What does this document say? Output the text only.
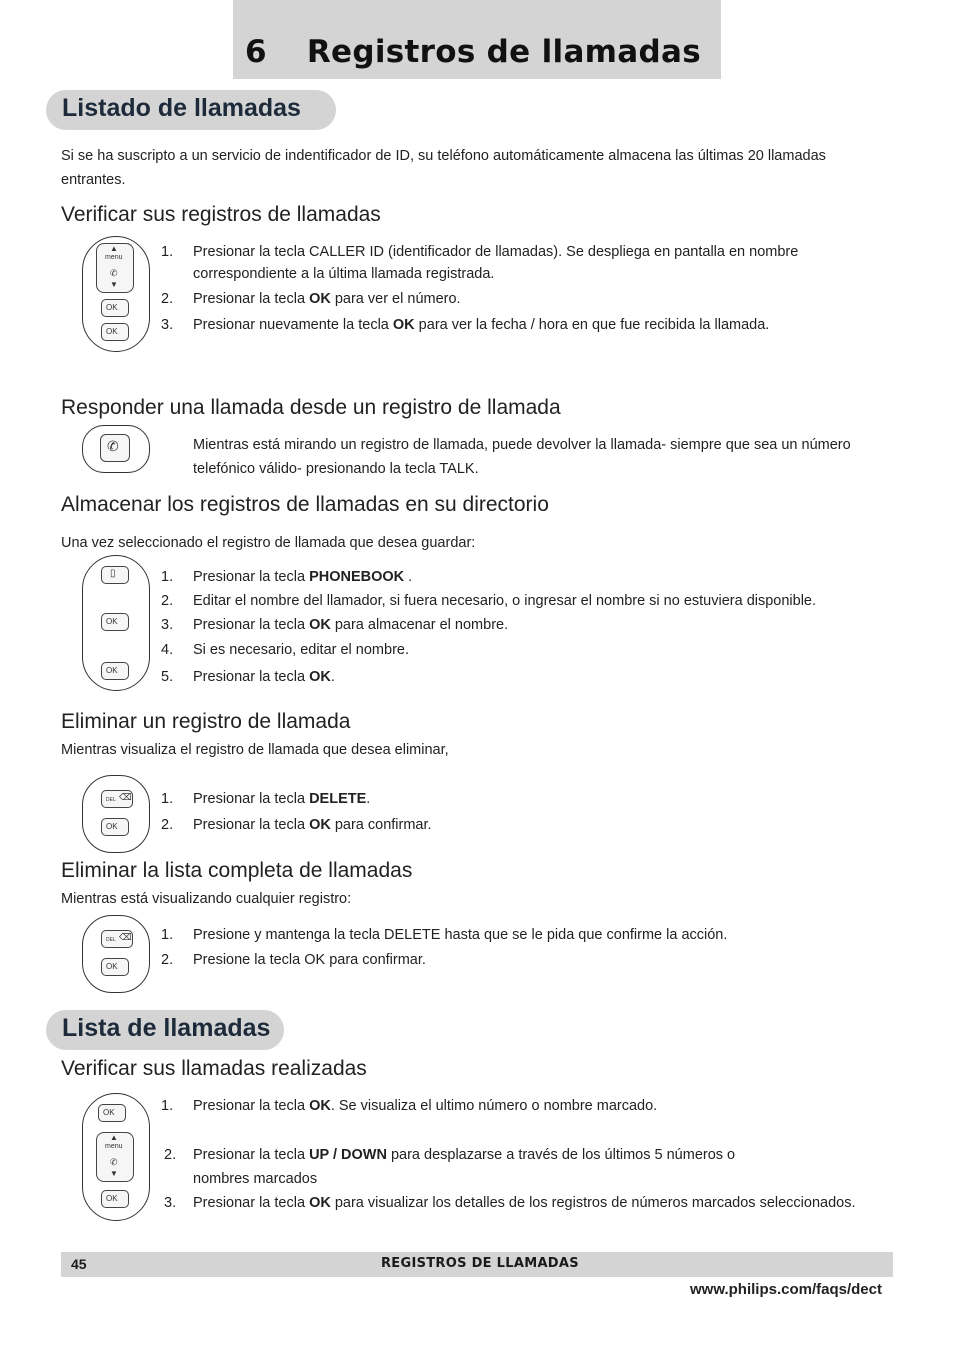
6 Registros de llamadas
Listado de llamadas
Si se ha suscripto a un servicio de indentificador de ID, su teléfono automáticamente almacena las últimas 20 llamadas entrantes.
Verificar sus registros de llamadas
▲
menu
✆
▼
OK
OK
1.	Presionar la tecla CALLER ID (identificador de llamadas). Se despliega en pantalla en nombre
correspondiente a la última llamada registrada.
2.	Presionar la tecla OK para ver el número.
3.	Presionar nuevamente la tecla OK para ver la fecha / hora en que fue recibida la llamada.
Responder una llamada desde un registro de llamada
✆	Mientras está mirando un registro de llamada, puede devolver la llamada- siempre que sea un número
telefónico válido- presionando la tecla TALK.
Almacenar los registros de llamadas en su directorio
Una vez seleccionado el registro de llamada que desea guardar:
▯
OK
OK
1.	Presionar la tecla PHONEBOOK .
2.	Editar el nombre del llamador, si fuera necesario, o ingresar el nombre si no estuviera disponible.
3.	Presionar la tecla OK para almacenar el nombre.
4.	Si es necesario, editar el nombre.
5.	Presionar la tecla OK.
Eliminar un registro de llamada
Mientras visualiza el registro de llamada que desea eliminar,
DEL ⌫
OK
1.	Presionar la tecla DELETE.
2.	Presionar la tecla OK para confirmar.
Eliminar la lista completa de llamadas
Mientras está visualizando cualquier registro:
DEL ⌫
OK
1.	Presione y mantenga la tecla DELETE hasta que se le pida que confirme la acción.
2.	Presione la tecla OK para confirmar.
Lista de llamadas
Verificar sus llamadas realizadas
OK
▲
menu
✆
▼
OK
1.	Presionar la tecla OK. Se visualiza el ultimo número o nombre marcado.
2.	Presionar la tecla UP / DOWN para desplazarse a través de los últimos 5 números o
nombres marcados
3.	Presionar la tecla OK para visualizar los detalles de los registros de números marcados seleccionados.
45	REGISTROS DE LLAMADAS
www.philips.com/faqs/dect
